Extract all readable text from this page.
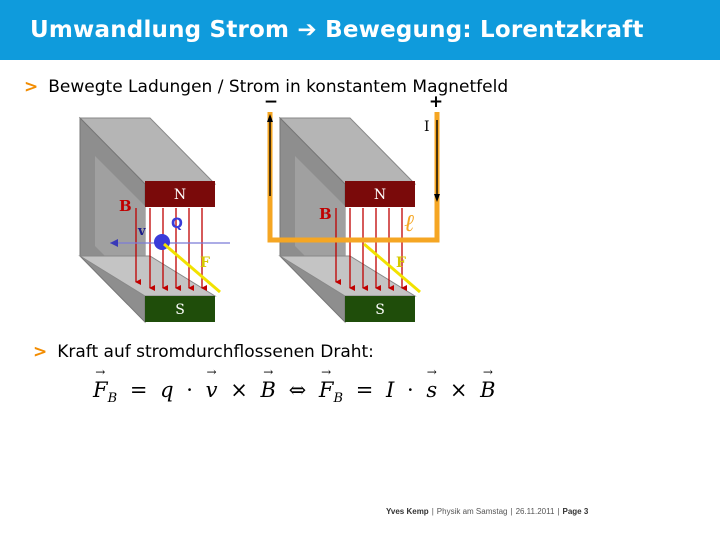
Umwandlung Strom ➔ Bewegung: Lorentzkraft
> Bewegte Ladungen / Strom in konstantem Magnetfeld
N
S
B
v Q
F
N
S
B
−	+
I
ℓ
F
> Kraft auf stromdurchflossenen Draht:
→ $F_B = q$ · → v × → B ⇔ → $F_B = I$ · → s × → B
Yves Kemp | Physik am Samstag | 26.11.2011 | Page 3
